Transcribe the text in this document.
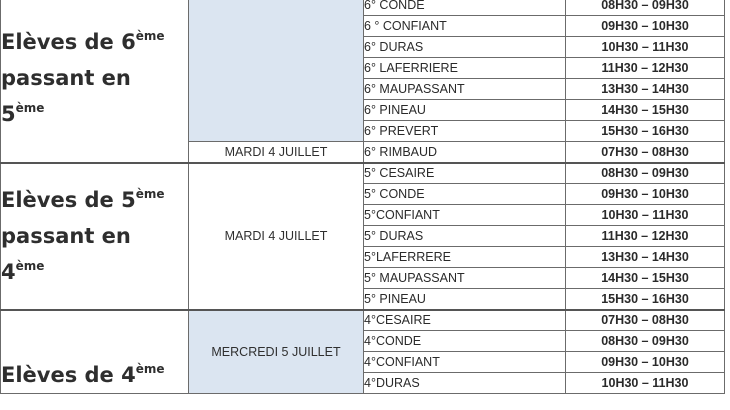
Elèves de 6ème
passant en
5ème		6° CONDE	08H30 – 09H30
		6 ° CONFIANT	09H30 – 10H30
		6° DURAS	10H30 – 11H30
		6° LAFERRIERE	11H30 – 12H30
		6° MAUPASSANT	13H30 – 14H30
		6° PINEAU	14H30 – 15H30
		6° PREVERT	15H30 – 16H30
	MARDI 4 JUILLET	6° RIMBAUD	07H30 – 08H30
Elèves de 5ème
passant en
4ème	MARDI 4 JUILLET	5° CESAIRE	08H30 – 09H30
		5° CONDE	09H30 – 10H30
		5°CONFIANT	10H30 – 11H30
		5° DURAS	11H30 – 12H30
		5°LAFERRERE	13H30 – 14H30
		5° MAUPASSANT	14H30 – 15H30
		5° PINEAU	15H30 – 16H30
Elèves de 4ème	MERCREDI 5 JUILLET	4°CESAIRE	07H30 – 08H30
		4°CONDE	08H30 – 09H30
		4°CONFIANT	09H30 – 10H30
		4°DURAS	10H30 – 11H30
